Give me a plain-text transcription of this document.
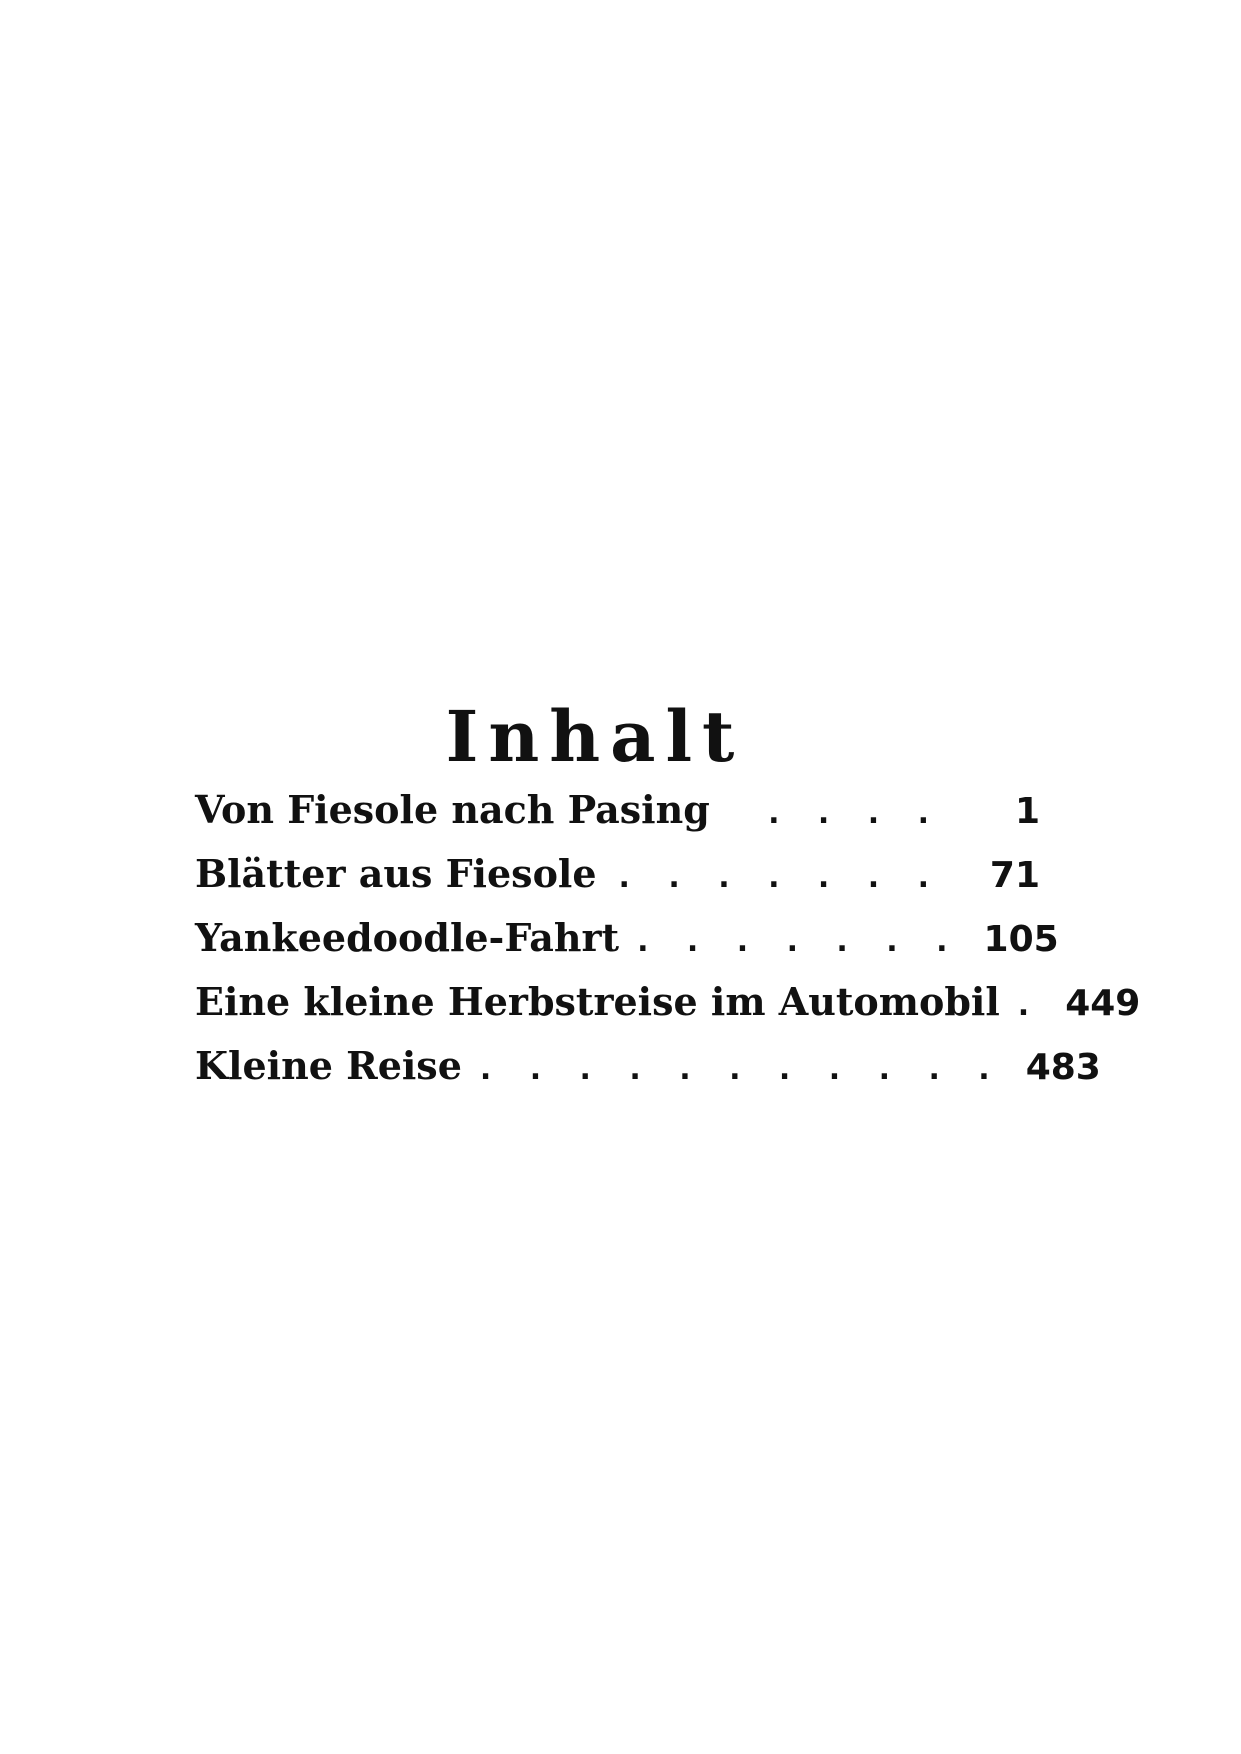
Inhalt
Von Fiesole nach Pasing	. . . .	1
Blätter aus Fiesole . . . . . . .	71
Yankeedoodle-Fahrt . . . . . . . 105
Eine kleine Herbstreise im Automobil . 449
Kleine Reise . . . . . . . . . . . 483
